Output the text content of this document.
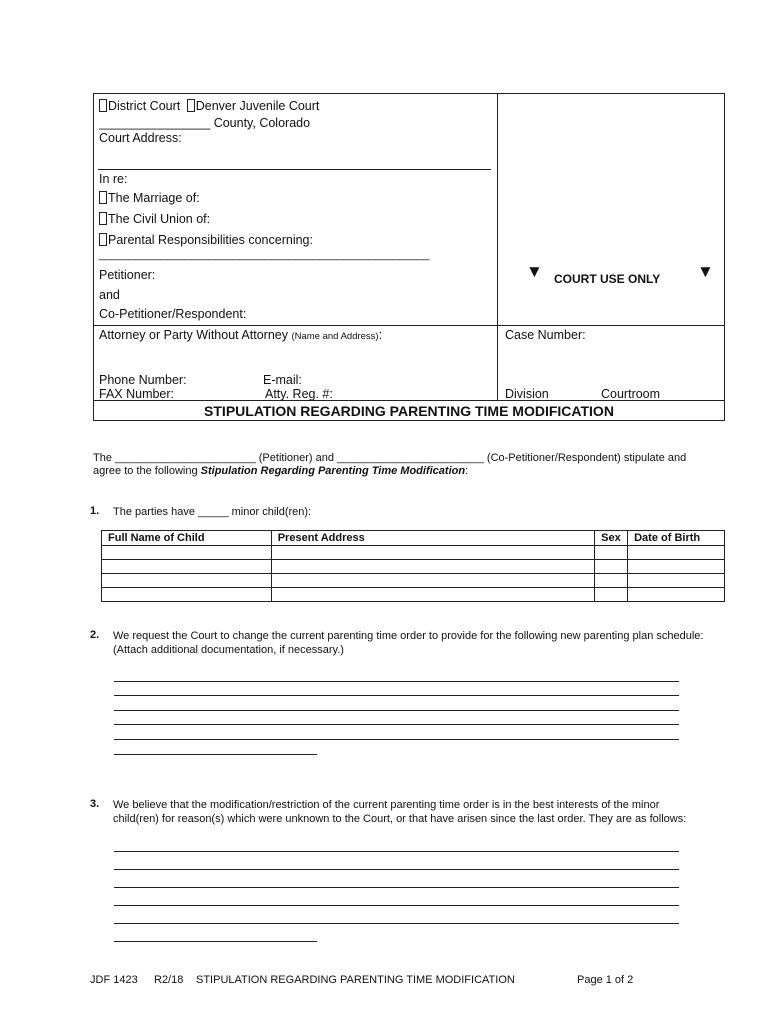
District Court Denver Juvenile Court
________________ County, Colorado
Court Address:
In re:
The Marriage of:
The Civil Union of:
Parental Responsibilities concerning:
______________________________________________________
Petitioner:
and
Co-Petitioner/Respondent:
Attorney or Party Without Attorney (Name and Address):
Phone Number:	E-mail:
FAX Number:	Atty. Reg. #:
▼ COURT USE ONLY ▼
Case Number:
Division	Courtroom
STIPULATION REGARDING PARENTING TIME MODIFICATION
The _______________________ (Petitioner) and ________________________ (Co-Petitioner/Respondent) stipulate and
agree to the following Stipulation Regarding Parenting Time Modification:
1. The parties have _____ minor child(ren):
Full Name of Child	Present Address	Sex	Date of Birth

2. We request the Court to change the current parenting time order to provide for the following new parenting plan schedule:
(Attach additional documentation, if necessary.)
3. We believe that the modification/restriction of the current parenting time order is in the best interests of the minor
child(ren) for reason(s) which were unknown to the Court, or that have arisen since the last order. They are as follows:
JDF 1423 R2/18 STIPULATION REGARDING PARENTING TIME MODIFICATION	Page 1 of 2
